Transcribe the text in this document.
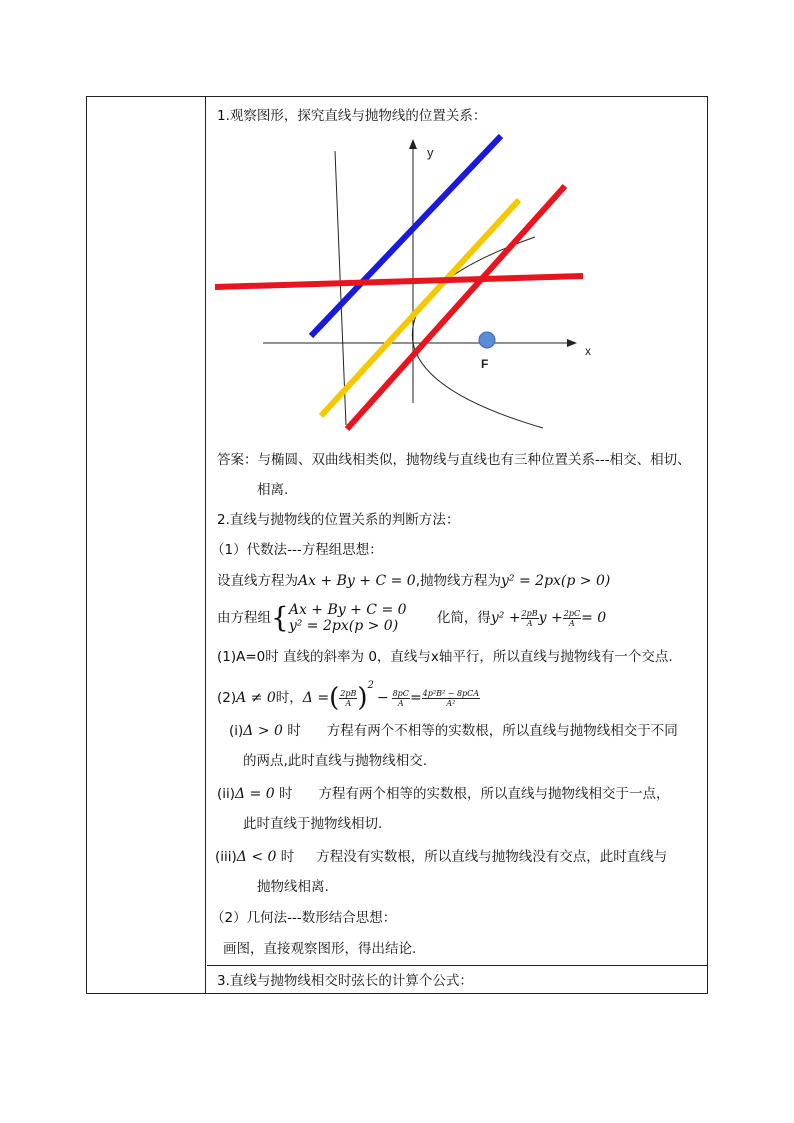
1.观察图形，探究直线与抛物线的位置关系：
y
x
F
答案：与椭圆、双曲线相类似，抛物线与直线也有三种位置关系---相交、相切、
相离.
2.直线与抛物线的位置关系的判断方法：
（1）代数法---方程组思想：
设直线方程为Ax + By + C = 0,抛物线方程为y² = 2px(p > 0)
由方程组{ Ax + By + C = 0
y² = 2px(p > 0)	化简，得$y^2 + \frac{2pB}{A}$ $y + \frac{2pC}{A} = 0$
(1)A=0时 直线的斜率为 0，直线与x轴平行，所以直线与抛物线有一个交点.
(2)A ≠ 0时，Δ =( $\frac{2pB}{A} )^2- \frac{8pC}{A} = \frac{\text{4p²B² − 8pCA}}{\text{A²}}$
(i)Δ > 0 时 方程有两个不相等的实数根，所以直线与抛物线相交于不同
的两点,此时直线与抛物线相交.
(ii)Δ = 0 时 方程有两个相等的实数根，所以直线与抛物线相交于一点，
此时直线于抛物线相切.
(iii)Δ < 0 时 方程没有实数根，所以直线与抛物线没有交点，此时直线与
抛物线相离.
（2）几何法---数形结合思想：
画图，直接观察图形，得出结论.
3.直线与抛物线相交时弦长的计算个公式：
